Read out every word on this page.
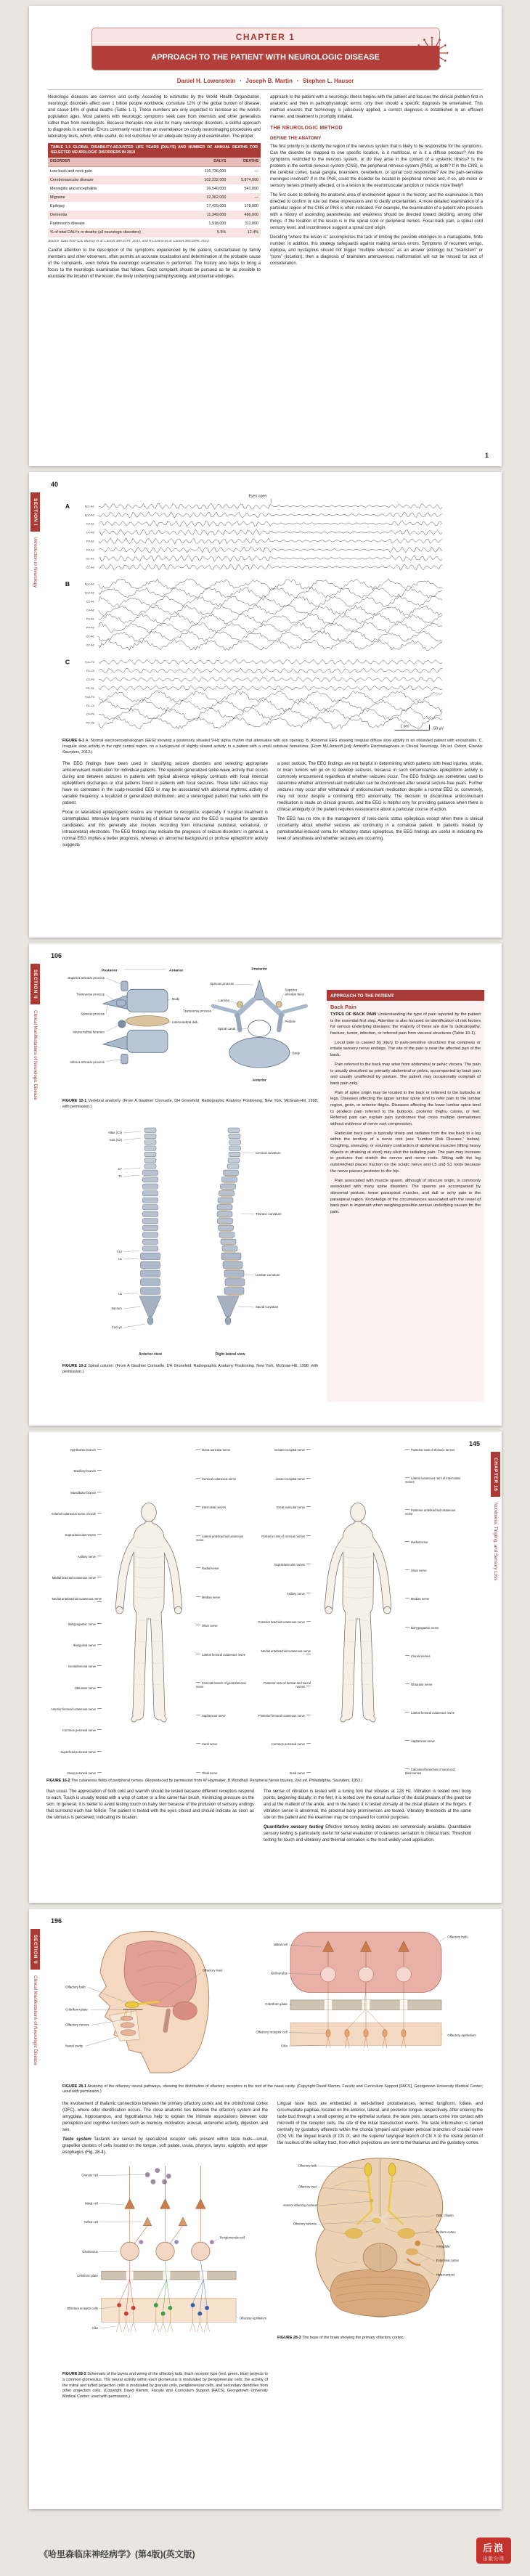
CHAPTER 1
APPROACH TO THE PATIENT WITH NEUROLOGIC DISEASE
Daniel H. Lowenstein ▪ Joseph B. Martin ▪ Stephen L. Hauser

Neurologic diseases are common and costly. According to estimates by the World Health Organization, neurologic disorders affect over 1 billion people worldwide, constitute 12% of the global burden of disease, and cause 14% of global deaths (Table 1-1). These numbers are only expected to increase as the world's population ages. Most patients with neurologic symptoms seek care from internists and other generalists rather than from neurologists. Because therapies now exist for many neurologic disorders, a skillful approach to diagnosis is essential. Errors commonly result from an overreliance on costly neuroimaging procedures and laboratory tests, which, while useful, do not substitute for an adequate history and examination. The proper

TABLE 1-1 GLOBAL DISABILITY-ADJUSTED LIFE YEARS (DALYS) AND NUMBER OF ANNUAL DEATHS FOR SELECTED NEUROLOGIC DISORDERS IN 2010
DISORDER	DALYS	DEATHS
Low back and neck pain	116,736,000	—
Cerebrovascular disease	102,232,000	5,874,000
Meningitis and encephalitis	26,540,000	541,000
Migraine	22,362,000	—
Epilepsy	17,429,000	178,000
Dementia	11,349,000	486,000
Parkinson's disease	1,918,000	111,000
% of total DALYs or deaths (all neurologic disorders)	5.5%	12.4%
Source: Data from CJL Murray et al: Lancet 380:2197, 2012, and R Lozano et al: Lancet 380:2095, 2012.

Careful attention to the description of the symptoms experienced by the patient, substantiated by family members and other observers, often permits an accurate localization and determination of the probable cause of the complaints, even before the neurologic examination is performed. The history also helps to bring a focus to the neurologic examination that follows. Each complaint should be pursued as far as possible to elucidate the location of the lesion, the likely underlying pathophysiology, and potential etiologies.

approach to the patient with a neurologic illness begins with the patient and focuses the clinical problem first in anatomic and then in pathophysiologic terms; only then should a specific diagnosis be entertained. This method ensures that technology is judiciously applied, a correct diagnosis is established in an efficient manner, and treatment is promptly initiated.

THE NEUROLOGIC METHOD
DEFINE THE ANATOMY

The first priority is to identify the region of the nervous system that is likely to be responsible for the symptoms. Can the disorder be mapped to one specific location, is it multifocal, or is it a diffuse process? Are the symptoms restricted to the nervous system, or do they arise in the context of a systemic illness? Is the problem in the central nervous system (CNS), the peripheral nervous system (PNS), or both? If in the CNS, is the cerebral cortex, basal ganglia, brainstem, cerebellum, or spinal cord responsible? Are the pain-sensitive meninges involved? If in the PNS, could the disorder be located in peripheral nerves and, if so, are motor or sensory nerves primarily affected, or is a lesion in the neuromuscular junction or muscle more likely?

The first clues to defining the anatomic area of involvement appear in the history, and the examination is then directed to confirm or rule out these impressions and to clarify uncertainties. A more detailed examination of a particular region of the CNS or PNS is often indicated. For example, the examination of a patient who presents with a history of ascending paresthesias and weakness should be directed toward deciding, among other things, if the location of the lesion is in the spinal cord or peripheral nerves. Focal back pain, a spinal cord sensory level, and incontinence suggest a spinal cord origin.

Deciding “where the lesion is” accomplishes the task of limiting the possible etiologies to a manageable, finite number. In addition, this strategy safeguards against making serious errors. Symptoms of recurrent vertigo, diplopia, and nystagmus should not trigger “multiple sclerosis” as an answer (etiology) but “brainstem” or “pons” (location); then a diagnosis of brainstem arteriovenous malformation will not be missed for lack of consideration.

1
SECTION I
Introduction to Neurology
40
Eyes open
1 sec	50 µV
A	Fp1-A1
Fp2-A2
C3-A1
C4-A2
P3-A1
P4-A2
O1-A1
O2-A2
B	Fp1-A1
Fp2-A2
C3-A1
C4-A2
P3-A1
P4-A2
O1-A1
O2-A2
C	Fp1-F3
F3-C3
C3-P3
P3-O1
Fp2-F4
F4-C4
C4-P4
P4-O2

FIGURE 6-1 A. Normal electroencephalogram (EEG) showing a posteriorly situated 9-Hz alpha rhythm that attenuates with eye opening. B. Abnormal EEG showing irregular diffuse slow activity in an obtunded patient with encephalitis. C. Irregular slow activity in the right central region, on a background of slightly slowed activity, in a patient with a small subdural hematoma. (From MJ Aminoff [ed]: Aminoff's Electrodiagnosis in Clinical Neurology, 6th ed. Oxford, Elsevier Saunders, 2012.)

The EEG findings have been used in classifying seizure disorders and selecting appropriate anticonvulsant medication for individual patients. The episodic generalized spike-wave activity that occurs during and between seizures in patients with typical absence epilepsy contrasts with focal interictal epileptiform discharges or ictal patterns found in patients with focal seizures. These latter seizures may have no correlates in the scalp-recorded EEG or may be associated with abnormal rhythmic activity of variable frequency, a localized or generalized distribution, and a stereotyped pattern that varies with the patient.

Focal or lateralized epileptogenic lesions are important to recognize, especially if surgical treatment is contemplated. Intensive long-term monitoring of clinical behavior and the EEG is required for operative candidates, and this generally also involves recording from intracranial (subdural, extradural, or intracerebral) electrodes. The EEG findings may indicate the prognosis of seizure disorders: in general, a normal EEG implies a better prognosis, whereas an abnormal background or profuse epileptiform activity suggests

a poor outlook. The EEG findings are not helpful in determining which patients with head injuries, stroke, or brain tumors will go on to develop seizures, because in such circumstances epileptiform activity is commonly encountered regardless of whether seizures occur. The EEG findings are sometimes used to determine whether anticonvulsant medication can be discontinued after several seizure-free years. Further seizures may occur after withdrawal of anticonvulsant medication despite a normal EEG or, conversely, may not occur despite a continuing EEG abnormality. The decision to discontinue anticonvulsant medication is made on clinical grounds, and the EEG is helpful only for providing guidance when there is clinical ambiguity or the patient requires reassurance about a particular course of action.

The EEG has no role in the management of tonic-clonic status epilepticus except when there is clinical uncertainty about whether seizures are continuing in a comatose patient. In patients treated by pentobarbital-induced coma for refractory status epilepticus, the EEG findings are useful in indicating the level of anesthesia and whether seizures are occurring.

SECTION II
Clinical Manifestations of Neurologic Disease
106
Posterior	Anterior
Superior articular process
Transverse process
Spinous process
Intervertebral foramen
Inferior articular process
Body
Intervertebral disk
Posterior
Anterior
Spinous process
Lamina
Spinal canal
Transverse process
Superior
articular facet
Pedicle
Body

FIGURE 10-1 Vertebral anatomy. (From A Gauthier Cornuelle, DH Gronefeld: Radiographic Anatomy Positioning. New York, McGraw-Hill, 1998; with permission.)

Atlas (C1)
Axis (C2)
C7
T1
T12
L1
L5
Sacrum
Coccyx
Cervical curvature
Thoracic curvature
Lumbar curvature
Sacral curvature
Anterior view	Right lateral view

FIGURE 10-2 Spinal column. (From A Gauthier Cornuelle, DH Gronefeld: Radiographic Anatomy Positioning. New York, McGraw-Hill, 1998; with permission.)

APPROACH TO THE PATIENT:
Back Pain

TYPES OF BACK PAIN Understanding the type of pain reported by the patient is the essential first step. Attention is also focused on identification of risk factors for serious underlying diseases; the majority of these are due to radiculopathy, fracture, tumor, infection, or referred pain from visceral structures (Table 10-1).

Local pain is caused by injury to pain-sensitive structures that compress or irritate sensory nerve endings. The site of the pain is near the affected part of the back.

Pain referred to the back may arise from abdominal or pelvic viscera. The pain is usually described as primarily abdominal or pelvic, accompanied by back pain and usually unaffected by posture. The patient may occasionally complain of back pain only.

Pain of spine origin may be located in the back or referred to the buttocks or legs. Diseases affecting the upper lumbar spine tend to refer pain to the lumbar region, groin, or anterior thighs. Diseases affecting the lower lumbar spine tend to produce pain referred to the buttocks, posterior thighs, calves, or feet. Referred pain can explain pain syndromes that cross multiple dermatomes without evidence of nerve root compression.

Radicular back pain is typically sharp and radiates from the low back to a leg within the territory of a nerve root (see “Lumbar Disk Disease,” below). Coughing, sneezing, or voluntary contraction of abdominal muscles (lifting heavy objects or straining at stool) may elicit the radiating pain. The pain may increase in postures that stretch the nerves and nerve roots. Sitting with the leg outstretched places traction on the sciatic nerve and L5 and S1 roots because the nerve passes posterior to the hip.

Pain associated with muscle spasm, although of obscure origin, is commonly associated with many spine disorders. The spasms are accompanied by abnormal posture, tense paraspinal muscles, and dull or achy pain in the paraspinal region. Knowledge of the circumstances associated with the onset of back pain is important when weighing possible serious underlying causes for the pain.

CHAPTER 16
Numbness, Tingling, and Sensory Loss
145
Ophthalmic branch
Maxillary branch
Mandibular branch
Anterior cutaneous nerve of neck
Supraclavicular nerves
Axillary nerve
Medial brachial cutaneous nerve
Medial antebrachial cutaneous nerve
Iliohypogastric nerve
Ilioinguinal nerve
Genitofemoral nerve
Obturator nerve
Anterior femoral cutaneous nerve
Common peroneal nerve
Superficial peroneal nerve
Deep peroneal nerve
Great auricular nerve
Cervical cutaneous nerve
Intercostal nerves
Lateral antebrachial cutaneous nerve
Radial nerve
Median nerve
Ulnar nerve
Lateral femoral cutaneous nerve
Femoral branch of genitofemoral nerve
Saphenous nerve
Sural nerve
Tibial nerve
Greater occipital nerve
Lesser occipital nerve
Great auricular nerve
Posterior rami of cervical nerves
Supraclavicular nerves
Axillary nerve
Posterior brachial cutaneous nerve
Medial antebrachial cutaneous nerve
Posterior rami of lumbar and sacral nerves
Posterior femoral cutaneous nerve
Common peroneal nerve
Sural nerve
Posterior rami of thoracic nerves
Lateral cutaneous rami of intercostal nerves
Posterior antebrachial cutaneous nerve
Radial nerve
Ulnar nerve
Median nerve
Iliohypogastric nerve
Clunial nerves
Obturator nerve
Lateral femoral cutaneous nerve
Saphenous nerve
Calcaneal branches of sural and tibial nerves

FIGURE 16-2 The cutaneous fields of peripheral nerves. (Reproduced by permission from W Haymaker, B Woodhall: Peripheral Nerve Injuries, 2nd ed. Philadelphia, Saunders, 1953.)

than usual. The appreciation of both cold and warmth should be tested because different receptors respond to each. Touch is usually tested with a wisp of cotton or a fine camel hair brush, minimizing pressure on the skin. In general, it is better to avoid testing touch on hairy skin because of the profusion of sensory endings that surround each hair follicle. The patient is tested with the eyes closed and should indicate as soon as the stimulus is perceived, indicating its location.

The sense of vibration is tested with a tuning fork that vibrates at 128 Hz. Vibration is tested over bony points, beginning distally; in the feet, it is tested over the dorsal surface of the distal phalanx of the great toe and at the malleoli of the ankle, and in the hands it is tested dorsally at the distal phalanx of the fingers. If vibration sense is abnormal, the proximal bony prominences are tested. Vibratory thresholds at the same site on the patient and the examiner may be compared for control purposes.

Quantitative sensory testing Effective sensory testing devices are commercially available. Quantitative sensory testing is particularly useful for serial evaluation of cutaneous sensation in clinical trials. Threshold testing for touch and vibratory and thermal sensation is the most widely used application.

SECTION II
Clinical Manifestations of Neurologic Disease
196
Olfactory bulb
Cribriform plate
Olfactory nerves
Nasal cavity
Olfactory tract
Mitral cell
Glomerulus
Cribriform plate
Olfactory receptor cell
Cilia
Olfactory bulb
Olfactory epithelium

FIGURE 28-1 Anatomy of the olfactory neural pathways, showing the distribution of olfactory receptors in the roof of the nasal cavity. (Copyright David Klemm, Faculty and Curriculum Support [FACS], Georgetown University Medical Center; used with permission.)

the involvement of thalamic connections between the primary olfactory cortex and the orbitofrontal cortex (OFC), where odor identification occurs. The close anatomic ties between the olfactory system and the amygdala, hippocampus, and hypothalamus help to explain the intimate associations between odor perception and cognitive functions such as memory, motivation, arousal, autonomic activity, digestion, and sex.

Taste system Tastants are sensed by specialized receptor cells present within taste buds—small, grapelike clusters of cells located on the tongue, soft palate, uvula, pharynx, larynx, epiglottis, and upper esophagus (Fig. 28-4).

Granule cell
Mitral cell
Tufted cell
Glomerulus
Cribriform plate
Olfactory receptor cells
Cilia
Periglomerular cell
Olfactory epithelium

FIGURE 28-2 Schematic of the layers and wiring of the olfactory bulb. Each receptor type (red, green, blue) projects to a common glomerulus. The neural activity within each glomerulus is modulated by periglomerular cells; the activity of the mitral and tufted projection cells is modulated by granule cells, periglomerular cells, and secondary dendrites from other projection cells. (Copyright David Klemm, Faculty and Curriculum Support [FACS], Georgetown University Medical Center; used with permission.)

Lingual taste buds are embedded in well-defined protuberances, termed fungiform, foliate, and circumvallate papillae, located on the anterior, lateral, and posterior tongue, respectively. After entering the taste bud through a small opening at the epithelial surface, the taste pore, tastants come into contact with microvilli of the receptor cells, the site of the initial transduction events. The taste information is carried centrally by gustatory afferents within the chorda tympani and greater petrosal branches of cranial nerve (CN) VII, the lingual branch of CN IX, and the superior laryngeal branch of CN X to the rostral portion of the nucleus of the solitary tract, from which projections are sent to the thalamus and the gustatory cortex.

Olfactory bulb
Olfactory tract
Anterior olfactory nucleus
Olfactory tubercle
Optic chiasm
Piriform cortex
Amygdala
Entorhinal cortex
Hippocampus

FIGURE 28-3 The base of the brain showing the primary olfactory cortex.

《哈里森临床神经病学》(第4版)(英文版)
后浪
出版公司
